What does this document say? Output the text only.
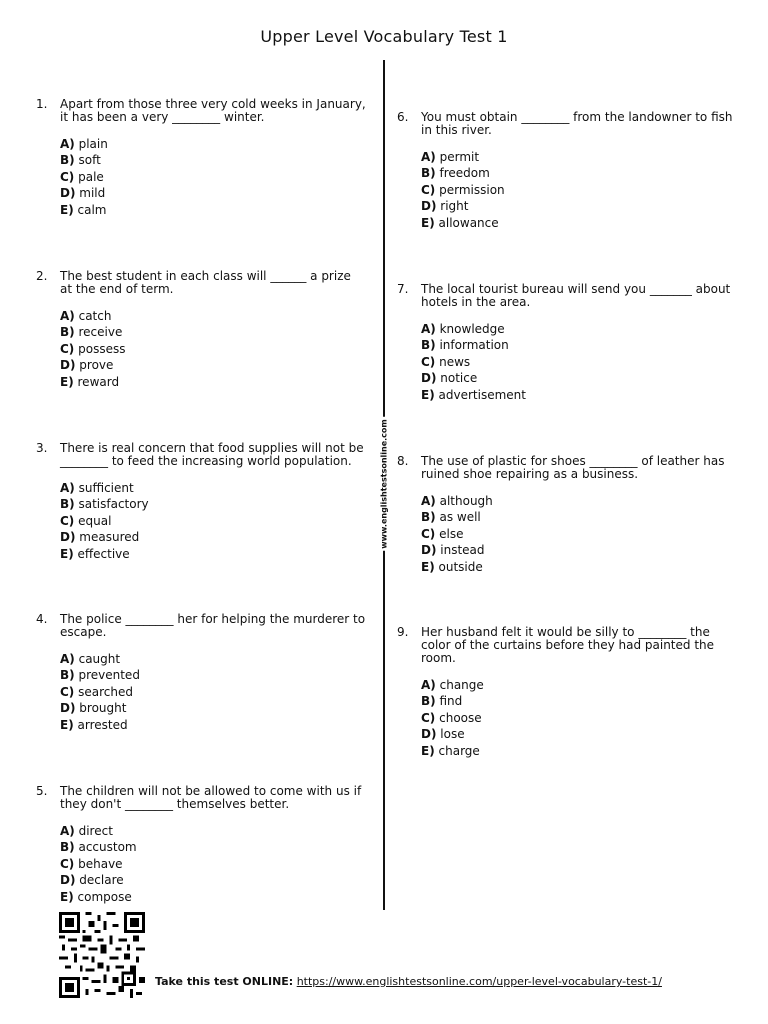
Upper Level Vocabulary Test 1
www.englishtestsonline.com
1. Apart from those three very cold weeks in January, it has been a very ________ winter.
A) plain
B) soft
C) pale
D) mild
E) calm
2. The best student in each class will ______ a prize at the end of term.
A) catch
B) receive
C) possess
D) prove
E) reward
3. There is real concern that food supplies will not be ________ to feed the increasing world population.
A) sufficient
B) satisfactory
C) equal
D) measured
E) effective
4. The police ________ her for helping the murderer to escape.
A) caught
B) prevented
C) searched
D) brought
E) arrested
5. The children will not be allowed to come with us if they don't ________ themselves better.
A) direct
B) accustom
C) behave
D) declare
E) compose
6. You must obtain ________ from the landowner to fish in this river.
A) permit
B) freedom
C) permission
D) right
E) allowance
7. The local tourist bureau will send you _______ about hotels in the area.
A) knowledge
B) information
C) news
D) notice
E) advertisement
8. The use of plastic for shoes ________ of leather has ruined shoe repairing as a business.
A) although
B) as well
C) else
D) instead
E) outside
9. Her husband felt it would be silly to ________ the color of the curtains before they had painted the room.
A) change
B) find
C) choose
D) lose
E) charge
Take this test ONLINE: https://www.englishtestsonline.com/upper-level-vocabulary-test-1/
